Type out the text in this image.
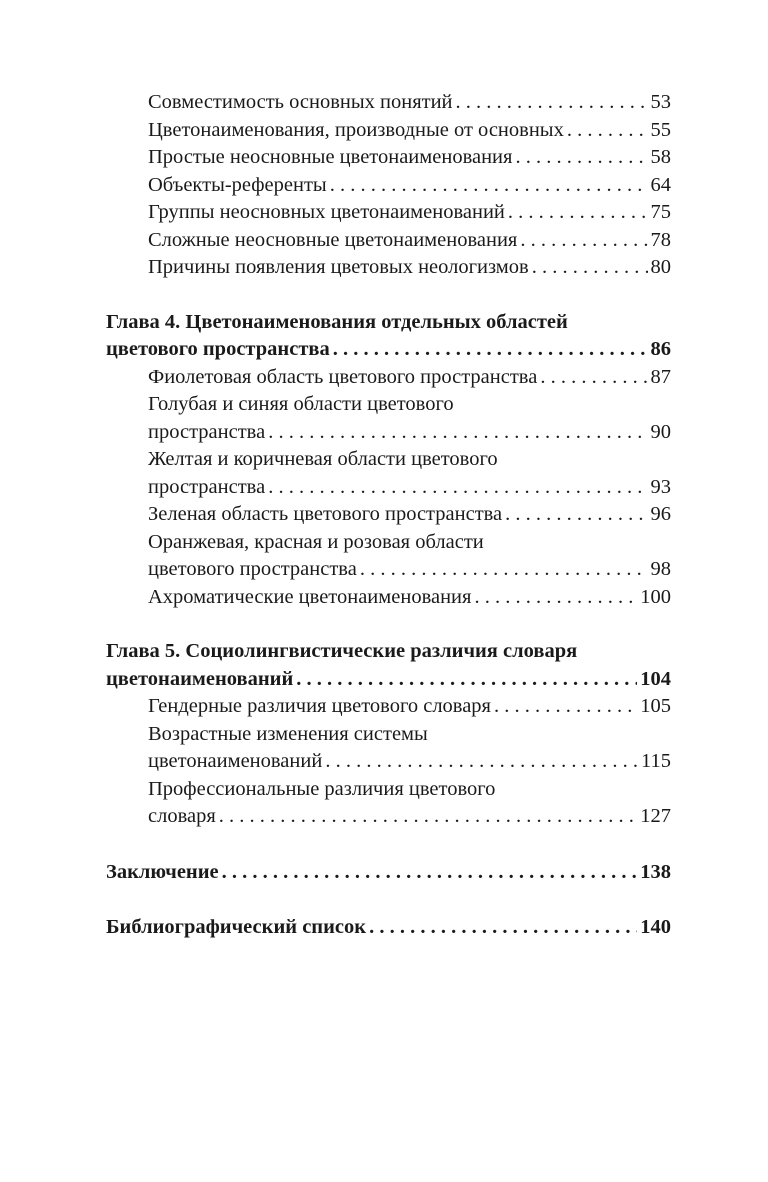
Совместимость основных понятий . . .	53
Цветонаименования, производные от основных . . .	55
Простые неосновные цветонаименования . . .	58
Объекты-референты . . .	64
Группы неосновных цветонаименований . . .	75
Сложные неосновные цветонаименования . . .	78
Причины появления цветовых неологизмов . . .	80
Глава 4. Цветонаименования отдельных областей
цветового пространства . . .	86
Фиолетовая область цветового пространства . . .	87
Голубая и синяя области цветового
пространства . . .	90
Желтая и коричневая области цветового
пространства . . .	93
Зеленая область цветового пространства . . .	96
Оранжевая, красная и розовая области
цветового пространства . . .	98
Ахроматические цветонаименования . . .	100
Глава 5. Социолингвистические различия словаря
цветонаименований . . .	104
Гендерные различия цветового словаря . . .	105
Возрастные изменения системы
цветонаименований . . .	115
Профессиональные различия цветового
словаря . . .	127
Заключение . . .	138
Библиографический список . . .	140
